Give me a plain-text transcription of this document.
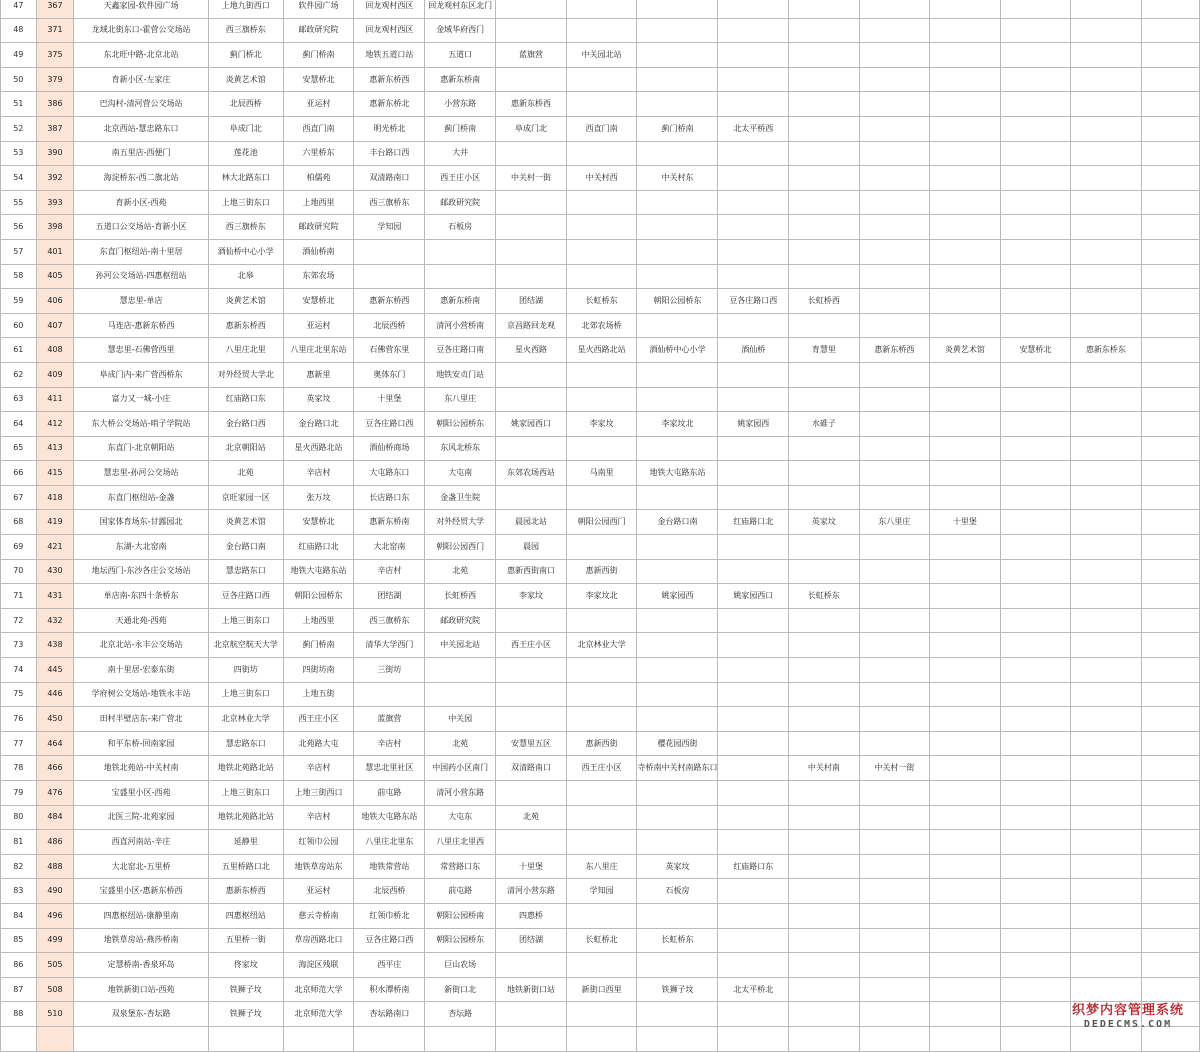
47	367	天鑫家园-软件园广场	上地九街西口	软件园广场	回龙观村西区	回龙观村东区北门										
48	371	龙域北街东口-霍营公交场站	西三旗桥东	邮政研究院	回龙观村西区	金域华府西门										
49	375	东北旺中路-北京北站	蓟门桥北	蓟门桥南	地铁五道口站	五道口	蓝旗营	中关园北站								
50	379	育新小区-左家庄	炎黄艺术馆	安慧桥北	惠新东桥西	惠新东桥南										
51	386	巴沟村-清河营公交场站	北辰西桥	亚运村	惠新东桥北	小营东路	惠新东桥西									
52	387	北京西站-慧忠路东口	阜成门北	西直门南	明光桥北	蓟门桥南	阜成门北	西直门南	蓟门桥南	北太平桥西						
53	390	南五里店-西便门	莲花池	六里桥东	丰台路口西	大井										
54	392	海淀桥东-西二旗北站	林大北路东口	柏儒苑	双清路南口	西王庄小区	中关村一街	中关村西	中关村东							
55	393	育新小区-西苑	上地三街东口	上地西里	西三旗桥东	邮政研究院										
56	398	五道口公交场站-育新小区	西三旗桥东	邮政研究院	学知园	石板房										
57	401	东直门枢纽站-南十里居	酒仙桥中心小学	酒仙桥南												
58	405	孙河公交场站-四惠枢纽站	北皋	东郊农场												
59	406	慧忠里-单店	炎黄艺术馆	安慧桥北	惠新东桥西	惠新东桥南	团结湖	长虹桥东	朝阳公园桥东	豆各庄路口西	长虹桥西					
60	407	马连店-惠新东桥西	惠新东桥西	亚运村	北辰西桥	清河小营桥南	京昌路回龙观	北郊农场桥								
61	408	慧忠里-石佛营西里	八里庄北里	八里庄北里东站	石佛营东里	豆各庄路口南	星火西路	星火西路北站	酒仙桥中心小学	酒仙桥	育慧里	惠新东桥西	炎黄艺术馆	安慧桥北	惠新东桥东	
62	409	阜成门内-来广营西桥东	对外经贸大学北	惠新里	奥体东门	地铁安贞门站										
63	411	富力又一城-小庄	红庙路口东	英家坟	十里堡	东八里庄										
64	412	东大桥公交场站-哨子学院站	金台路口西	金台路口北	豆各庄路口西	朝阳公园桥东	姚家园西口	李家坟	李家坟北	姚家园西	水碓子					
65	413	东直门-北京朝阳站	北京朝阳站	星火西路北站	酒仙桥商场	东风北桥东										
66	415	慧忠里-孙河公交场站	北苑	辛店村	大屯路东口	大屯南	东郊农场西站	马南里	地铁大屯路东站							
67	418	东直门枢纽站-金盏	京旺家园一区	张万坟	长店路口东	金盏卫生院										
68	419	国家体育场东-甘露园北	炎黄艺术馆	安慧桥北	惠新东桥南	对外经贸大学	晨园北站	朝阳公园西门	金台路口南	红庙路口北	英家坟	东八里庄	十里堡			
69	421	东湖-大北窑南	金台路口南	红庙路口北	大北窑南	朝阳公园西门	晨园									
70	430	地坛西门-东沙各庄公交场站	慧忠路东口	地铁大屯路东站	辛店村	北苑	惠新西街南口	惠新西街								
71	431	单店南-东四十条桥东	豆各庄路口西	朝阳公园桥东	团结湖	长虹桥西	李家坟	李家坟北	姚家园西	姚家园西口	长虹桥东					
72	432	天通北苑-西苑	上地三街东口	上地西里	西三旗桥东	邮政研究院										
73	438	北京北站-永丰公交场站	北京航空航天大学	蓟门桥南	清华大学西门	中关园北站	西王庄小区	北京林业大学								
74	445	南十里居-宏泰东街	四街坊	四街坊南	三街坊											
75	446	学府树公交场站-地铁永丰站	上地三街东口	上地五街												
76	450	田村半壁店东-来广营北	北京林业大学	西王庄小区	蓝旗营	中关园										
77	464	和平东桥-回南家园	慧忠路东口	北苑路大屯	辛店村	北苑	安慧里五区	惠新西街	樱花园西街							
78	466	地铁北苑站-中关村南	地铁北苑路北站	辛店村	慧忠北里社区	中国药小区南门	双清路南口	西王庄小区	寺桥南中关村南路东口		中关村南	中关村一街				
79	476	宝盛里小区-西苑	上地三街东口	上地三街西口	前屯路	清河小营东路										
80	484	北医三院-北苑家园	地铁北苑路北站	辛店村	地铁大屯路东站	大屯东	北苑									
81	486	西直河南站-辛庄	延静里	红领巾公园	八里庄北里东	八里庄北里西										
82	488	大北窑北-五里桥	五里桥路口北	地铁草房站东	地铁常营站	常营路口东	十里堡	东八里庄	英家坟	红庙路口东						
83	490	宝盛里小区-惠新东桥西	惠新东桥西	亚运村	北辰西桥	前屯路	清河小营东路	学知园	石板房							
84	496	四惠枢纽站-康静里南	四惠枢纽站	慈云寺桥南	红领巾桥北	朝阳公园桥南	四惠桥									
85	499	地铁草房站-燕莎桥南	五里桥一街	草房西路北口	豆各庄路口西	朝阳公园桥东	团结湖	长虹桥北	长虹桥东							
86	505	定慧桥南-香泉环岛	佟家坟	海淀区残联	西平庄	巨山农场										
87	508	地铁新街口站-西苑	铁狮子坟	北京师范大学	积水潭桥南	新街口北	地铁新街口站	新街口西里	铁狮子坟	北太平桥北						
88	510	双泉堡东-杏坛路	铁狮子坟	北京师范大学	杏坛路南口	杏坛路										
																	织梦内容管理系统
DEDECMS.COM
